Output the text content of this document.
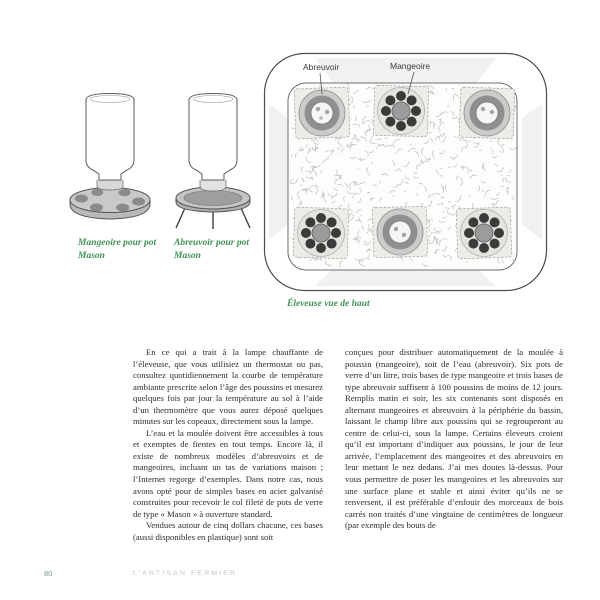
Mangeoire pour pot Mason
Abreuvoir pour pot Mason
Abreuvoir	Mangeoire
Éleveuse vue de haut

En ce qui a trait à la lampe chauffante de l’éleveuse, que vous utilisiez un thermostat ou pas, consultez quotidiennement la courbe de température ambiante prescrite selon l’âge des poussins et mesurez quelques fois par jour la température au sol à l’aide d’un thermomètre que vous aurez déposé quelques minutes sur les copeaux, directement sous la lampe.

L’eau et la moulée doivent être accessibles à tous et exemptes de fientes en tout temps. Encore là, il existe de nombreux modèles d’abreuvoirs et de mangeoires, incluant un tas de variations maison ; l’Internet regorge d’exemples. Dans notre cas, nous avons opté pour de simples bases en acier galvanisé construites pour recevoir le col fileté de pots de verre de type « Mason » à ouverture standard.

Vendues autour de cinq dollars chacune, ces bases (aussi disponibles en plastique) sont soit

conçues pour distribuer automatiquement de la moulée à poussin (mangeoire), soit de l’eau (abreuvoir). Six pots de verre d’un litre, trois bases de type mangeoire et trois bases de type abreuvoir suffisent à 100 poussins de moins de 12 jours. Remplis matin et soir, les six contenants sont disposés en alternant mangeoires et abreuvoirs à la périphérie du bassin, laissant le champ libre aux poussins qui se regrouperont au centre de celui-ci, sous la lampe. Certains éleveurs croient qu’il est important d’indiquer aux poussins, le jour de leur arrivée, l’emplacement des mangeoires et des abreuvoirs en leur mettant le nez dedans. J’ai mes doutes là-dessus. Pour vous permettre de poser les mangeoires et les abreuvoirs sur une surface plane et stable et ainsi éviter qu’ils ne se renversent, il est préférable d’enfouir des morceaux de bois carrés non traités d’une vingtaine de centimètres de longueur (par exemple des bouts de

80	L’ARTISAN FERMIER
